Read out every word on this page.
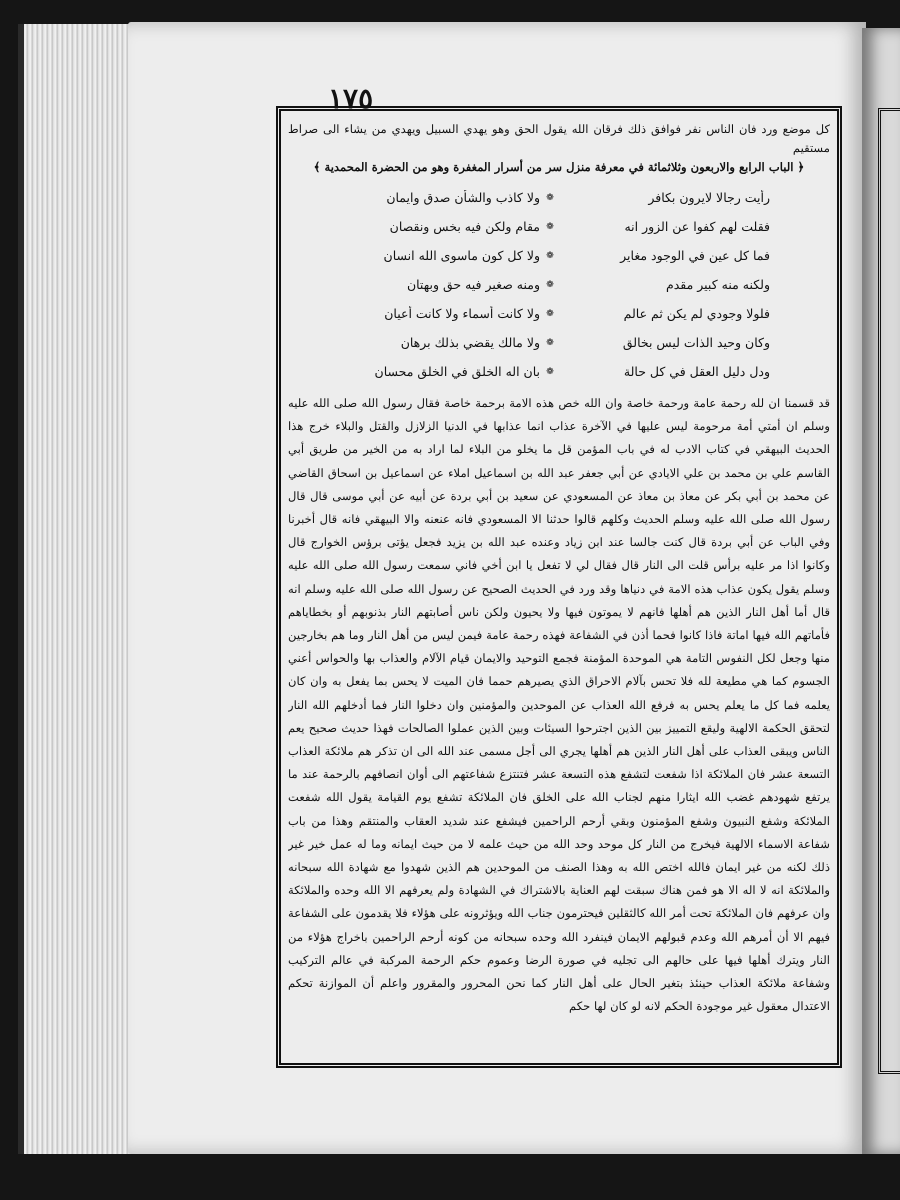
١٧٥

كل موضع ورد فان الناس نفر فوافق ذلك فرقان الله يقول الحق وهو يهدي السبيل ويهدي من يشاء الى صراط مستقيم

﴿ الباب الرابع والاربعون وثلاثمائة في معرفة منزل سر من أسرار المغفرة وهو من الحضرة المحمدية ﴾

رأيت رجالا لايرون بكافر
❁
ولا كاذب والشأن صدق وايمان
فقلت لهم كفوا عن الزور انه
❁
مقام ولكن فيه بخس ونقصان
فما كل عين في الوجود مغاير
❁
ولا كل كون ماسوى الله انسان
ولكنه منه كبير مقدم
❁
ومنه صغير فيه حق وبهتان
فلولا وجودي لم يكن ثم عالم
❁
ولا كانت أسماء ولا كانت أعيان
وكان وحيد الذات ليس بخالق
❁
ولا مالك يقضي بذلك برهان
ودل دليل العقل في كل حالة
❁
بان اله الخلق في الخلق محسان

قد قسمنا ان لله رحمة عامة ورحمة خاصة وان الله خص هذه الامة برحمة خاصة فقال رسول الله صلى الله عليه وسلم ان أمتي أمة مرحومة ليس عليها في الآخرة عذاب انما عذابها في الدنيا الزلازل والقتل والبلاء خرج هذا الحديث البيهقي في كتاب الادب له في باب المؤمن قل ما يخلو من البلاء لما اراد به من الخير من طريق أبي القاسم علي بن محمد بن علي الايادي عن أبي جعفر عبد الله بن اسماعيل املاء عن اسماعيل بن اسحاق القاضي عن محمد بن أبي بكر عن معاذ بن معاذ عن المسعودي عن سعيد بن أبي بردة عن أبيه عن أبي موسى قال قال رسول الله صلى الله عليه وسلم الحديث وكلهم قالوا حدثنا الا المسعودي فانه عنعنه والا البيهقي فانه قال أخبرنا وفي الباب عن أبي بردة قال كنت جالسا عند ابن زياد وعنده عبد الله بن يزيد فجعل يؤتى برؤس الخوارج قال وكانوا اذا مر عليه برأس قلت الى النار قال فقال لي لا تفعل يا ابن أخي فاني سمعت رسول الله صلى الله عليه وسلم يقول يكون عذاب هذه الامة في دنياها وقد ورد في الحديث الصحيح عن رسول الله صلى الله عليه وسلم انه قال أما أهل النار الذين هم أهلها فانهم لا يموتون فيها ولا يحيون ولكن ناس أصابتهم النار بذنوبهم أو بخطاياهم فأماتهم الله فيها اماتة فاذا كانوا فحما أذن في الشفاعة فهذه رحمة عامة فيمن ليس من أهل النار وما هم بخارجين منها وجعل لكل النفوس التامة هي الموحدة المؤمنة فجمع التوحيد والايمان قيام الآلام والعذاب بها والحواس أعني الجسوم كما هي مطيعة لله فلا تحس بآلام الاحراق الذي يصيرهم حمما فان الميت لا يحس بما يفعل به وان كان يعلمه فما كل ما يعلم يحس به فرفع الله العذاب عن الموحدين والمؤمنين وان دخلوا النار فما أدخلهم الله النار لتحقق الحكمة الالهية وليقع التمييز بين الذين اجترحوا السيئات وبين الذين عملوا الصالحات فهذا حديث صحيح يعم الناس ويبقى العذاب على أهل النار الذين هم أهلها يجري الى أجل مسمى عند الله الى ان تذكر هم ملائكة العذاب التسعة عشر فان الملائكة اذا شفعت لتشفع هذه التسعة عشر فتنتزع شفاعتهم الى أوان انصافهم بالرحمة عند ما يرتفع شهودهم غضب الله ايثارا منهم لجناب الله على الخلق فان الملائكة تشفع يوم القيامة يقول الله شفعت الملائكة وشفع النبيون وشفع المؤمنون وبقي أرحم الراحمين فيشفع عند شديد العقاب والمنتقم وهذا من باب شفاعة الاسماء الالهية فيخرج من النار كل موحد وحد الله من حيث علمه لا من حيث ايمانه وما له عمل خير غير ذلك لكنه من غير ايمان فالله اختص الله به وهذا الصنف من الموحدين هم الذين شهدوا مع شهادة الله سبحانه والملائكة انه لا اله الا هو فمن هناك سبقت لهم العناية بالاشتراك في الشهادة ولم يعرفهم الا الله وحده والملائكة وان عرفهم فان الملائكة تحت أمر الله كالثقلين فيحترمون جناب الله ويؤثرونه على هؤلاء فلا يقدمون على الشفاعة فيهم الا أن أمرهم الله وعدم قبولهم الايمان فينفرد الله وحده سبحانه من كونه أرحم الراحمين باخراج هؤلاء من النار ويترك أهلها فيها على حالهم الى تجليه في صورة الرضا وعموم حكم الرحمة المركبة في عالم التركيب وشفاعة ملائكة العذاب حينئذ بتغير الحال على أهل النار كما نحن المحرور والمقرور واعلم أن الموازنة تحكم الاعتدال معقول غير موجودة الحكم لانه لو كان لها حكم
